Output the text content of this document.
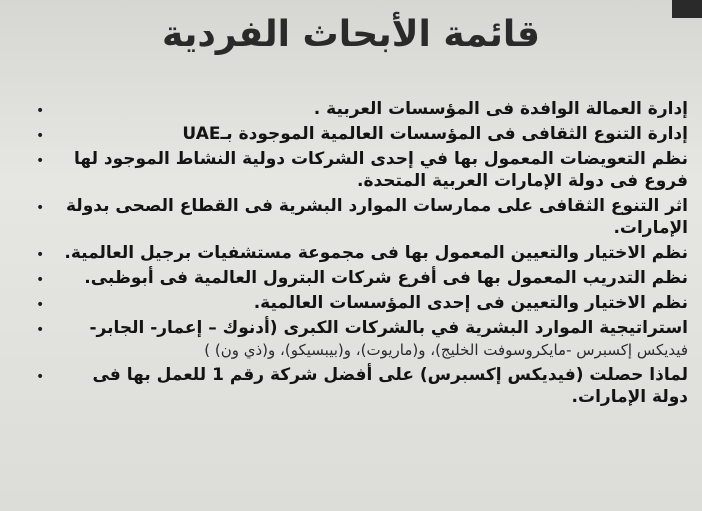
قائمة الأبحاث الفردية
•	إدارة العمالة الوافدة فى المؤسسات العربية .
•	إدارة التنوع الثقافى فى المؤسسات العالمية الموجودة بـUAE
• نظم التعويضات المعمول بها في إحدى الشركات دولية النشاط الموجود لها فروع فى دولة الإمارات العربية المتحدة.
• اثر التنوع الثقافى على ممارسات الموارد البشرية فى القطاع الصحى بدولة الإمارات.
• نظم الاختيار والتعيين المعمول بها فى مجموعة مستشفيات برجيل العالمية.
• نظم التدريب المعمول بها فى أفرع شركات البترول العالمية فى أبوظبى.
•	نظم الاختيار والتعيين فى إحدى المؤسسات العالمية.
•	استراتيجية الموارد البشرية في بالشركات الكبرى (أدنوك – إعمار- الجابر-
فيديكس إكسبرس -مايكروسوفت الخليج)، و(ماريوت)، و(بيبسيكو)، و(ذي ون) )
•	لماذا حصلت (فيديكس إكسبرس) على أفضل شركة رقم 1 للعمل بها فى دولة الإمارات.
